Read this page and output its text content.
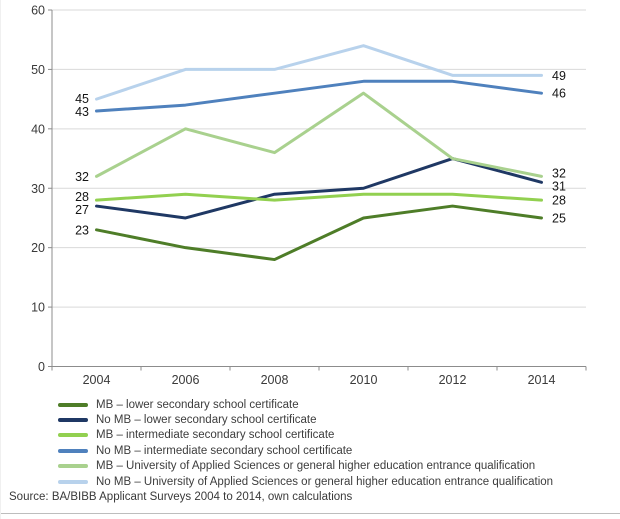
0
10
20
30
40
50
60
2004	2006	2008	2010	2012	2014
45
43
32
28
27
23
49
46
32
31
28
25
MB – lower secondary school certificate
No MB – lower secondary school certificate
MB – intermediate secondary school certificate
No MB – intermediate secondary school certificate
MB – University of Applied Sciences or general higher education entrance qualification
No MB – University of Applied Sciences or general higher education entrance qualification
Source: BA/BIBB Applicant Surveys 2004 to 2014, own calculations
